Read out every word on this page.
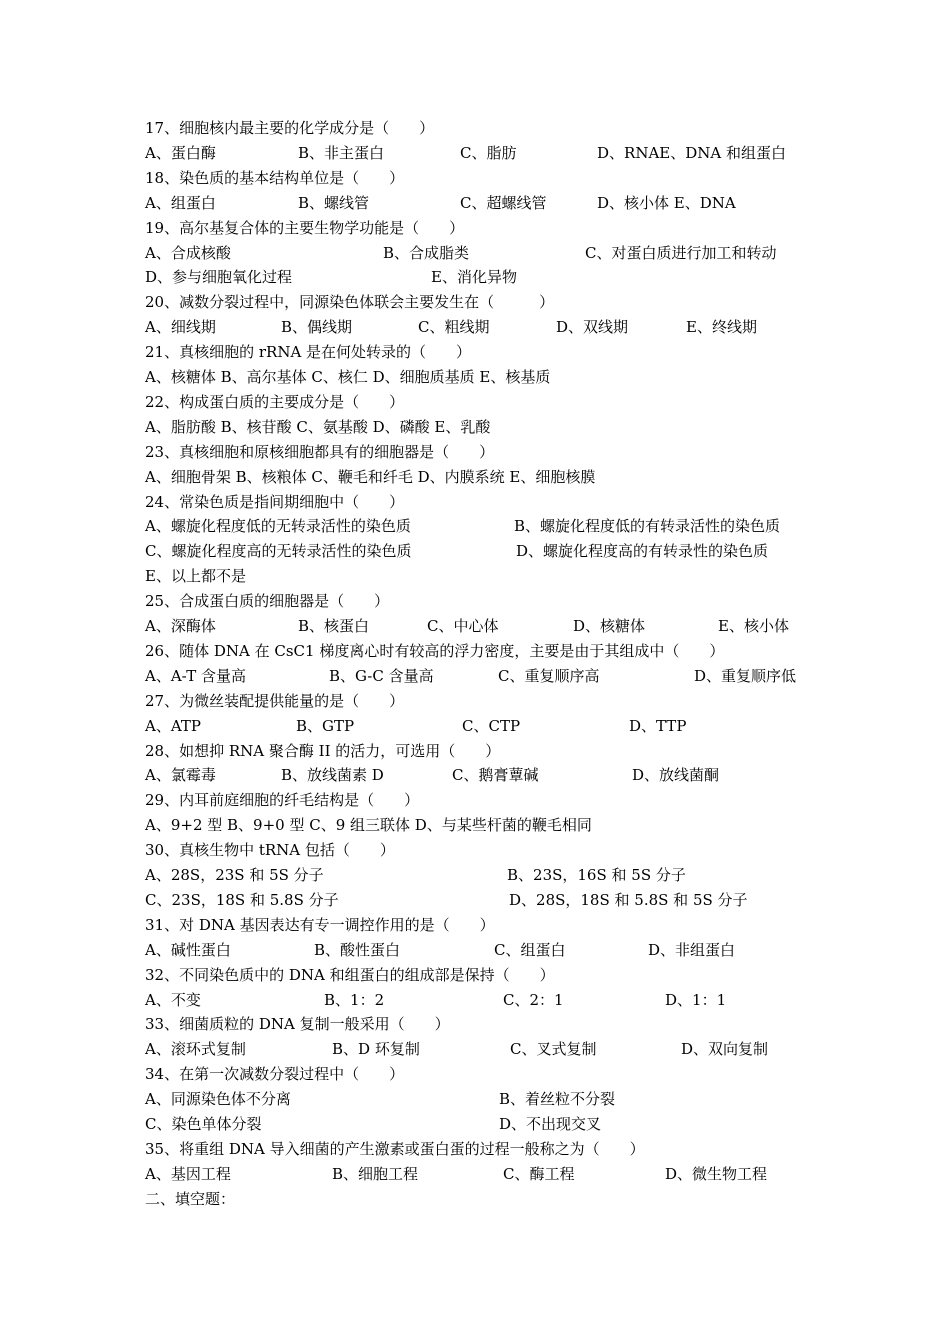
17、细胞核内最主要的化学成分是（　　）
A、蛋白酶	B、非主蛋白	C、脂肪	D、RNAE、DNA 和组蛋白
18、染色质的基本结构单位是（　　）
A、组蛋白	B、螺线管	C、超螺线管	D、核小体 E、DNA
19、高尔基复合体的主要生物学功能是（　　）
A、合成核酸	B、合成脂类	C、对蛋白质进行加工和转动
D、参与细胞氧化过程	E、消化异物
20、减数分裂过程中，同源染色体联会主要发生在（　　　）
A、细线期	B、偶线期	C、粗线期	D、双线期	E、终线期
21、真核细胞的 rRNA 是在何处转录的（　　）
A、核糖体 B、高尔基体 C、核仁 D、细胞质基质 E、核基质
22、构成蛋白质的主要成分是（　　）
A、脂肪酸 B、核苷酸 C、氨基酸 D、磷酸 E、乳酸
23、真核细胞和原核细胞都具有的细胞器是（　　）
A、细胞骨架 B、核粮体 C、鞭毛和纤毛 D、内膜系统 E、细胞核膜
24、常染色质是指间期细胞中（　　）
A、螺旋化程度低的无转录活性的染色质	B、螺旋化程度低的有转录活性的染色质
C、螺旋化程度高的无转录活性的染色质	D、螺旋化程度高的有转录性的染色质
E、以上都不是
25、合成蛋白质的细胞器是（　　）
A、深酶体	B、核蛋白	C、中心体	D、核糖体	E、核小体
26、随体 DNA 在 CsC1 梯度离心时有较高的浮力密度，主要是由于其组成中（　　）
A、A-T 含量高	B、G-C 含量高	C、重复顺序高	D、重复顺序低
27、为微丝装配提供能量的是（　　）
A、ATP	B、GTP	C、CTP	D、TTP
28、如想抑 RNA 聚合酶 II 的活力，可选用（　　）
A、氯霉毒	B、放线菌素 D	C、鹅膏蕈碱	D、放线菌酮
29、内耳前庭细胞的纤毛结构是（　　）
A、9+2 型 B、9+0 型 C、9 组三联体 D、与某些杆菌的鞭毛相同
30、真核生物中 tRNA 包括（　　）
A、28S，23S 和 5S 分子	B、23S，16S 和 5S 分子
C、23S，18S 和 5.8S 分子	D、28S，18S 和 5.8S 和 5S 分子
31、对 DNA 基因表达有专一调控作用的是（　　）
A、碱性蛋白	B、酸性蛋白	C、组蛋白	D、非组蛋白
32、不同染色质中的 DNA 和组蛋白的组成部是保持（　　）
A、不变	B、1：2	C、2：1	D、1：1
33、细菌质粒的 DNA 复制一般采用（　　）
A、滚环式复制	B、D 环复制	C、叉式复制	D、双向复制
34、在第一次减数分裂过程中（　　）
A、同源染色体不分离	B、着丝粒不分裂
C、染色单体分裂	D、不出现交叉
35、将重组 DNA 导入细菌的产生激素或蛋白蛋的过程一般称之为（　　）
A、基因工程	B、细胞工程	C、酶工程	D、微生物工程
二、填空题：
